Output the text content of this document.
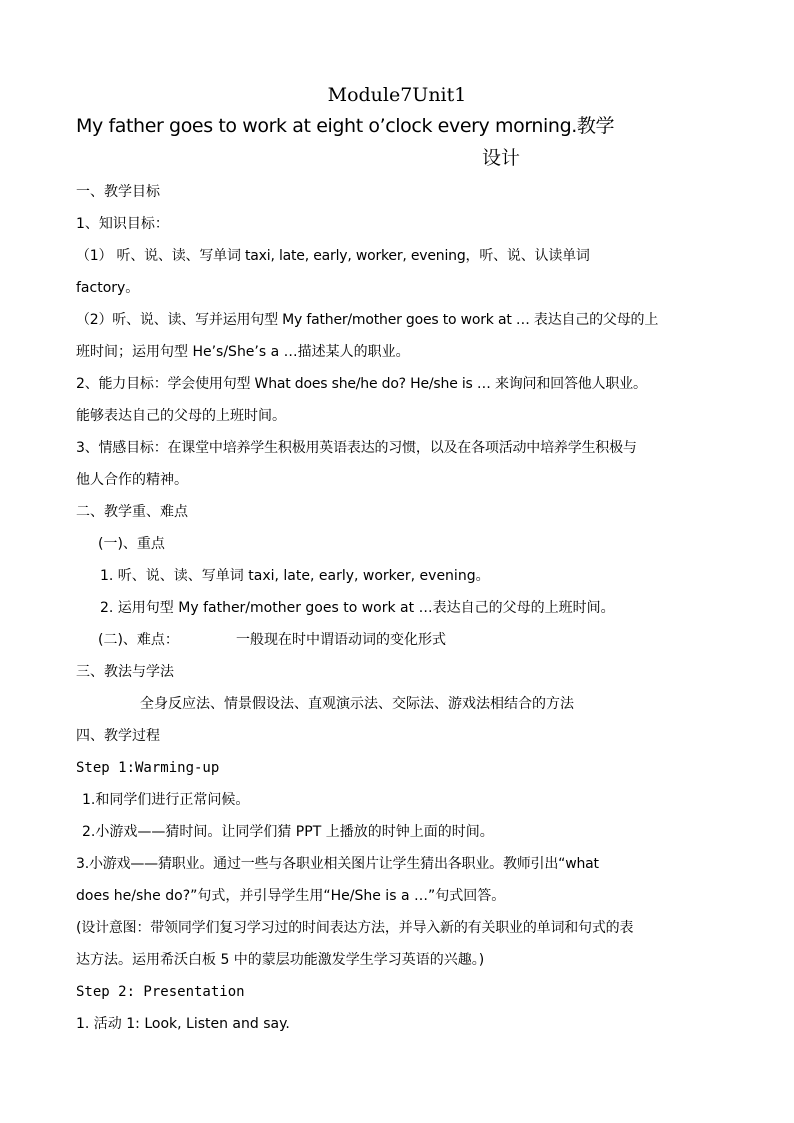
Module7Unit1
My father goes to work at eight o’clock every morning.教学
设计
一、教学目标
1、知识目标：
（1） 听、说、读、写单词 taxi, late, early, worker, evening，听、说、认读单词
factory。
（2）听、说、读、写并运用句型 My father/mother goes to work at … 表达自己的父母的上
班时间；运用句型 He’s/She’s a …描述某人的职业。
2、能力目标：学会使用句型 What does she/he do? He/she is … 来询问和回答他人职业。
能够表达自己的父母的上班时间。
3、情感目标：在课堂中培养学生积极用英语表达的习惯，以及在各项活动中培养学生积极与
他人合作的精神。
二、教学重、难点
(一)、重点
1. 听、说、读、写单词 taxi, late, early, worker, evening。
2. 运用句型 My father/mother goes to work at …表达自己的父母的上班时间。
(二)、难点：	一般现在时中谓语动词的变化形式
三、教法与学法
全身反应法、情景假设法、直观演示法、交际法、游戏法相结合的方法
四、教学过程
Step 1:Warming-up
1.和同学们进行正常问候。
2.小游戏——猜时间。让同学们猜 PPT 上播放的时钟上面的时间。
3.小游戏——猜职业。通过一些与各职业相关图片让学生猜出各职业。教师引出“what
does he/she do?”句式，并引导学生用“He/She is a …”句式回答。
(设计意图：带领同学们复习学习过的时间表达方法，并导入新的有关职业的单词和句式的表
达方法。运用希沃白板 5 中的蒙层功能激发学生学习英语的兴趣。)
Step 2: Presentation
1. 活动 1: Look, Listen and say.
